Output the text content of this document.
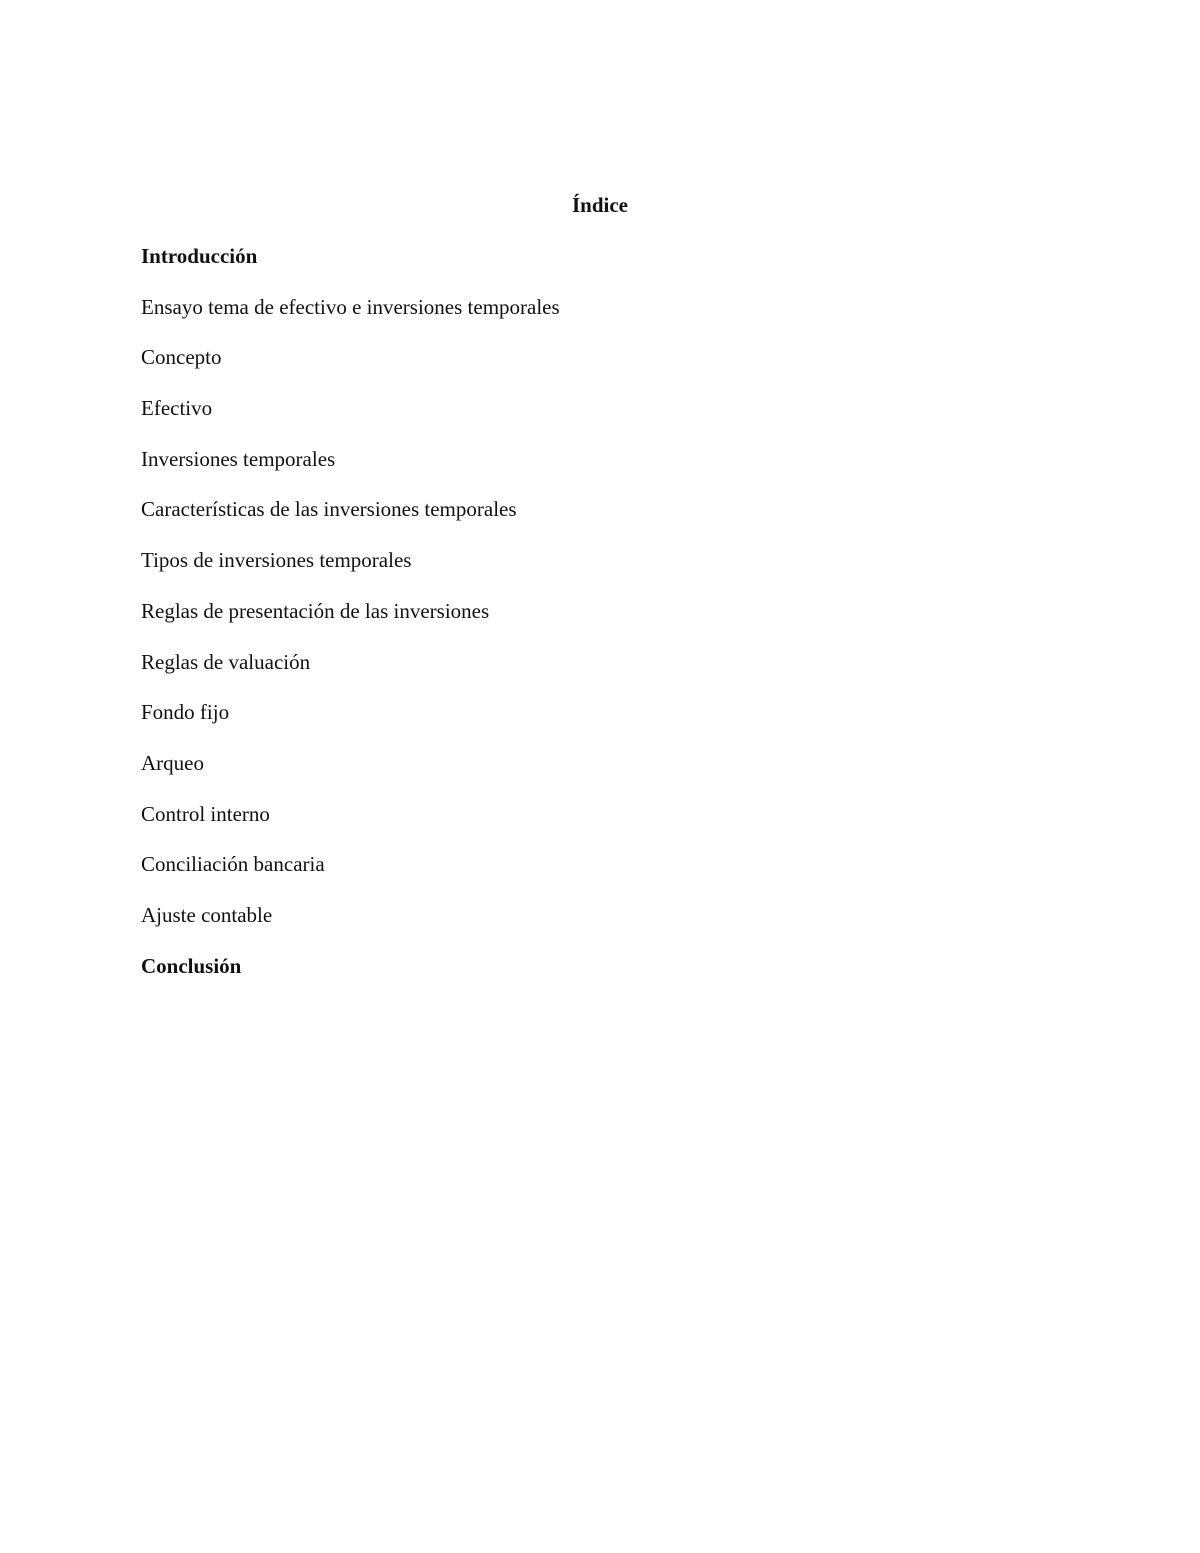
Índice
Introducción
Ensayo tema de efectivo e inversiones temporales
Concepto
Efectivo
Inversiones temporales
Características de las inversiones temporales
Tipos de inversiones temporales
Reglas de presentación de las inversiones
Reglas de valuación
Fondo fijo
Arqueo
Control interno
Conciliación bancaria
Ajuste contable
Conclusión
